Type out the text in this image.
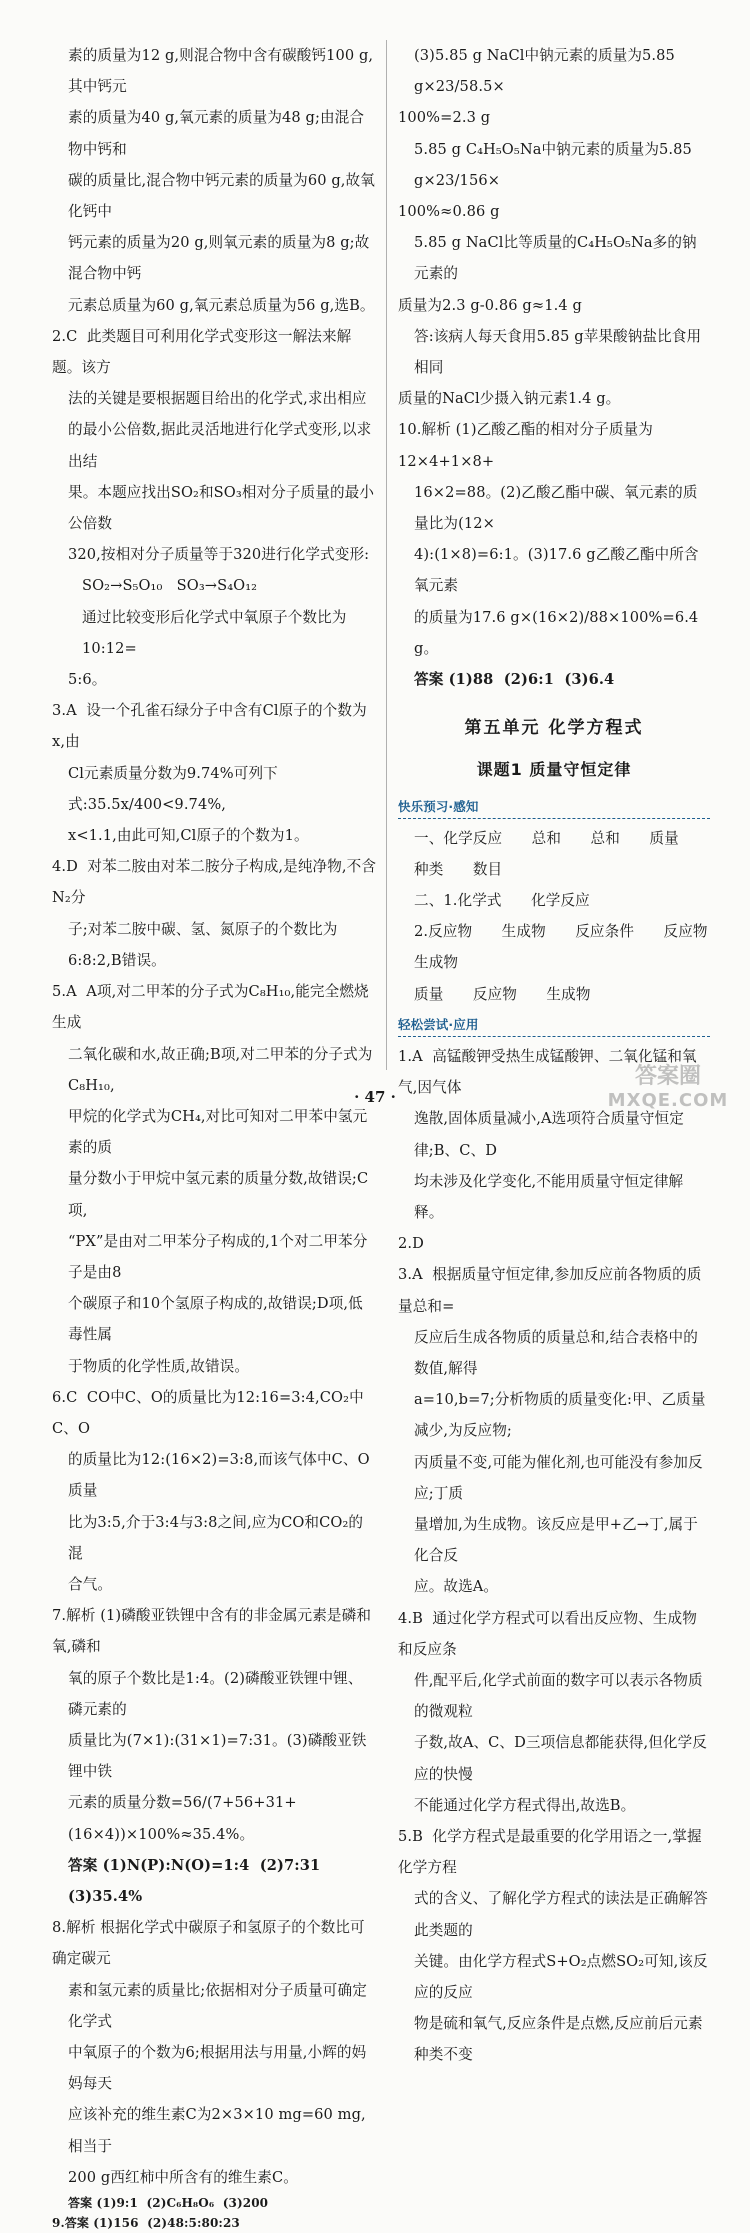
素的质量为12 g,则混合物中含有碳酸钙100 g,其中钙元

素的质量为40 g,氧元素的质量为48 g;由混合物中钙和

碳的质量比,混合物中钙元素的质量为60 g,故氧化钙中

钙元素的质量为20 g,则氧元素的质量为8 g;故混合物中钙

元素总质量为60 g,氧元素总质量为56 g,选B。

2.C  此类题目可利用化学式变形这一解法来解题。该方

法的关键是要根据题目给出的化学式,求出相应

的最小公倍数,据此灵活地进行化学式变形,以求出结

果。本题应找出SO₂和SO₃相对分子质量的最小公倍数

320,按相对分子质量等于320进行化学式变形:

SO₂→S₅O₁₀   SO₃→S₄O₁₂

通过比较变形后化学式中氧原子个数比为10:12=

5:6。

3.A  设一个孔雀石绿分子中含有Cl原子的个数为x,由

Cl元素质量分数为9.74%可列下式:35.5x/400<9.74%,

x<1.1,由此可知,Cl原子的个数为1。

4.D  对苯二胺由对苯二胺分子构成,是纯净物,不含N₂分

子;对苯二胺中碳、氢、氮原子的个数比为

6:8:2,B错误。

5.A  A项,对二甲苯的分子式为C₈H₁₀,能完全燃烧生成

二氧化碳和水,故正确;B项,对二甲苯的分子式为C₈H₁₀,

甲烷的化学式为CH₄,对比可知对二甲苯中氢元素的质

量分数小于甲烷中氢元素的质量分数,故错误;C项,

“PX”是由对二甲苯分子构成的,1个对二甲苯分子是由8

个碳原子和10个氢原子构成的,故错误;D项,低毒性属

于物质的化学性质,故错误。

6.C  CO中C、O的质量比为12:16=3:4,CO₂中C、O

的质量比为12:(16×2)=3:8,而该气体中C、O质量

比为3:5,介于3:4与3:8之间,应为CO和CO₂的混

合气。

7.解析 (1)磷酸亚铁锂中含有的非金属元素是磷和氧,磷和

氧的原子个数比是1:4。(2)磷酸亚铁锂中锂、磷元素的

质量比为(7×1):(31×1)=7:31。(3)磷酸亚铁锂中铁

元素的质量分数=56/(7+56+31+(16×4))×100%≈35.4%。

答案 (1)N(P):N(O)=1:4  (2)7:31  (3)35.4%

8.解析 根据化学式中碳原子和氢原子的个数比可确定碳元

素和氢元素的质量比;依据相对分子质量可确定化学式

中氧原子的个数为6;根据用法与用量,小辉的妈妈每天

应该补充的维生素C为2×3×10 mg=60 mg,相当于

200 g西红柿中所含有的维生素C。

答案 (1)9:1  (2)C₆H₈O₆  (3)200

9.答案 (1)156  (2)48:5:80:23

(3)5.85 g NaCl中钠元素的质量为5.85 g×23/58.5×

100%=2.3 g

5.85 g C₄H₅O₅Na中钠元素的质量为5.85 g×23/156×

100%≈0.86 g

5.85 g NaCl比等质量的C₄H₅O₅Na多的钠元素的

质量为2.3 g-0.86 g≈1.4 g

答:该病人每天食用5.85 g苹果酸钠盐比食用相同

质量的NaCl少摄入钠元素1.4 g。

10.解析 (1)乙酸乙酯的相对分子质量为12×4+1×8+

16×2=88。(2)乙酸乙酯中碳、氧元素的质量比为(12×

4):(1×8)=6:1。(3)17.6 g乙酸乙酯中所含氧元素

的质量为17.6 g×(16×2)/88×100%=6.4 g。

答案 (1)88  (2)6:1  (3)6.4

第五单元 化学方程式
课题1 质量守恒定律
快乐预习·感知

一、化学反应  总和  总和  质量  种类  数目

二、1.化学式  化学反应

2.反应物  生成物  反应条件  反应物  生成物

质量  反应物  生成物

轻松尝试·应用

1.A  高锰酸钾受热生成锰酸钾、二氧化锰和氧气,因气体

逸散,固体质量减小,A选项符合质量守恒定律;B、C、D

均未涉及化学变化,不能用质量守恒定律解释。

2.D

3.A  根据质量守恒定律,参加反应前各物质的质量总和=

反应后生成各物质的质量总和,结合表格中的数值,解得

a=10,b=7;分析物质的质量变化:甲、乙质量减少,为反应物;

丙质量不变,可能为催化剂,也可能没有参加反应;丁质

量增加,为生成物。该反应是甲+乙→丁,属于化合反

应。故选A。

4.B  通过化学方程式可以看出反应物、生成物和反应条

件,配平后,化学式前面的数字可以表示各物质的微观粒

子数,故A、C、D三项信息都能获得,但化学反应的快慢

不能通过化学方程式得出,故选B。

5.B  化学方程式是最重要的化学用语之一,掌握化学方程

式的含义、了解化学方程式的读法是正确解答此类题的

关键。由化学方程式S+O₂点燃SO₂可知,该反应的反应

物是硫和氧气,反应条件是点燃,反应前后元素种类不变

· 47 ·
答案圈
MXQE.COM
